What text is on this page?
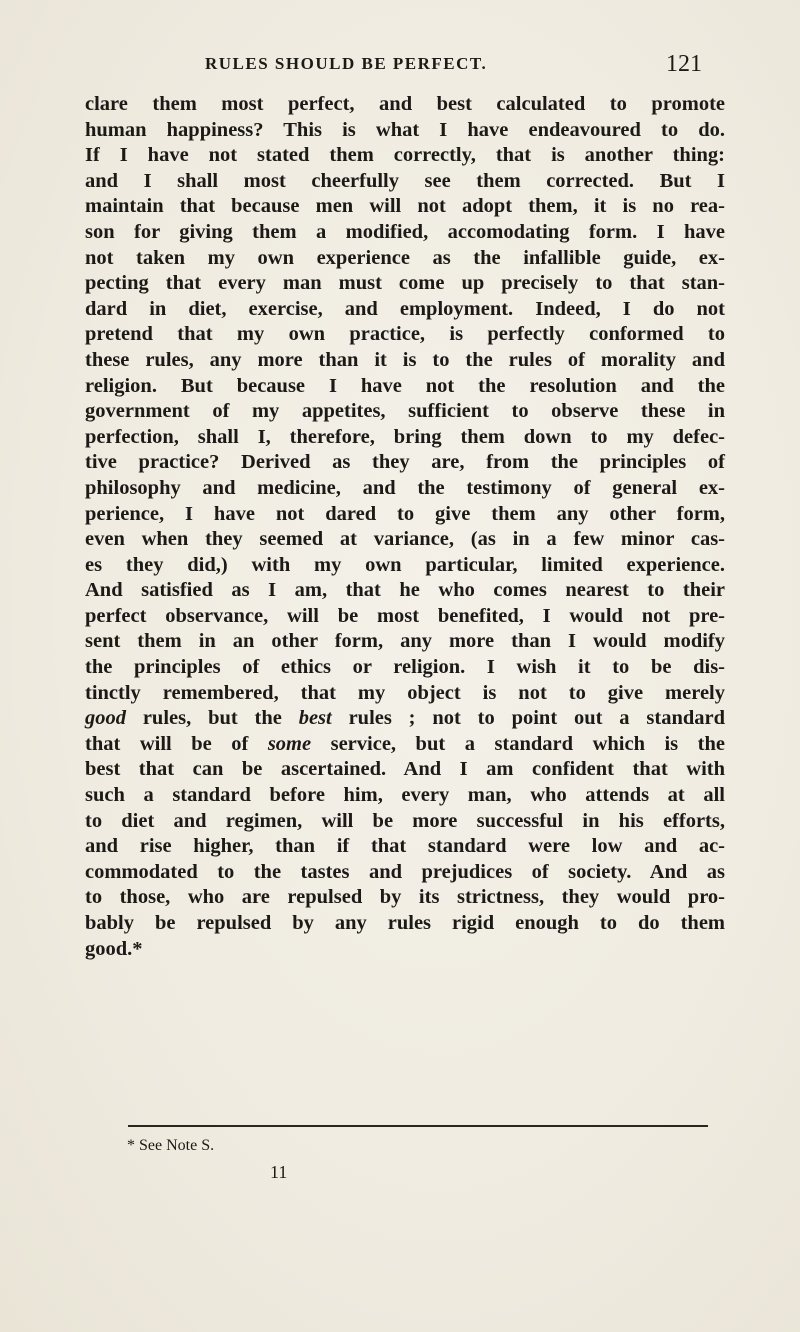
RULES SHOULD BE PERFECT.	121
clare them most perfect, and best calculated to promote
human happiness? This is what I have endeavoured to do.
If I have not stated them correctly, that is another thing:
and I shall most cheerfully see them corrected. But I
maintain that because men will not adopt them, it is no rea-
son for giving them a modified, accomodating form. I have
not taken my own experience as the infallible guide, ex-
pecting that every man must come up precisely to that stan-
dard in diet, exercise, and employment. Indeed, I do not
pretend that my own practice, is perfectly conformed to
these rules, any more than it is to the rules of morality and
religion. But because I have not the resolution and the
government of my appetites, sufficient to observe these in
perfection, shall I, therefore, bring them down to my defec-
tive practice? Derived as they are, from the principles of
philosophy and medicine, and the testimony of general ex-
perience, I have not dared to give them any other form,
even when they seemed at variance, (as in a few minor cas-
es they did,) with my own particular, limited experience.
And satisfied as I am, that he who comes nearest to their
perfect observance, will be most benefited, I would not pre-
sent them in an other form, any more than I would modify
the principles of ethics or religion. I wish it to be dis-
tinctly remembered, that my object is not to give merely
good rules, but the best rules ; not to point out a standard
that will be of some service, but a standard which is the
best that can be ascertained. And I am confident that with
such a standard before him, every man, who attends at all
to diet and regimen, will be more successful in his efforts,
and rise higher, than if that standard were low and ac-
commodated to the tastes and prejudices of society. And as
to those, who are repulsed by its strictness, they would pro-
bably be repulsed by any rules rigid enough to do them
good.*
* See Note S.
11
